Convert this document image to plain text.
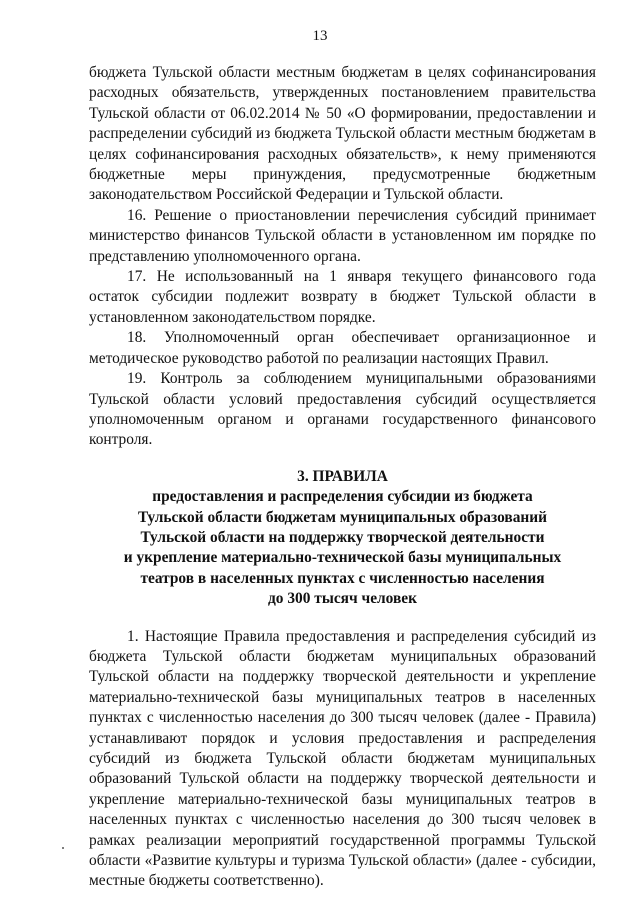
13

бюджета Тульской области местным бюджетам в целях софинансирования расходных обязательств, утвержденных постановлением правительства Тульской области от 06.02.2014 № 50 «О формировании, предоставлении и распределении субсидий из бюджета Тульской области местным бюджетам в целях софинансирования расходных обязательств», к нему применяются бюджетные меры принуждения, предусмотренные бюджетным законодательством Российской Федерации и Тульской области.

16. Решение о приостановлении перечисления субсидий принимает министерство финансов Тульской области в установленном им порядке по представлению уполномоченного органа.

17. Не использованный на 1 января текущего финансового года остаток субсидии подлежит возврату в бюджет Тульской области в установленном законодательством порядке.

18. Уполномоченный орган обеспечивает организационное и методическое руководство работой по реализации настоящих Правил.

19. Контроль за соблюдением муниципальными образованиями Тульской области условий предоставления субсидий осуществляется уполномоченным органом и органами государственного финансового контроля.

3. ПРАВИЛА

предоставления и распределения субсидии из бюджета

Тульской области бюджетам муниципальных образований

Тульской области на поддержку творческой деятельности

и укрепление материально-технической базы муниципальных

театров в населенных пунктах с численностью населения

до 300 тысяч человек

1. Настоящие Правила предоставления и распределения субсидий из бюджета Тульской области бюджетам муниципальных образований Тульской области на поддержку творческой деятельности и укрепление материально-технической базы муниципальных театров в населенных пунктах с численностью населения до 300 тысяч человек (далее - Правила) устанавливают порядок и условия предоставления и распределения субсидий из бюджета Тульской области бюджетам муниципальных образований Тульской области на поддержку творческой деятельности и укрепление материально-технической базы муниципальных театров в населенных пунктах с численностью населения до 300 тысяч человек в рамках реализации мероприятий государственной программы Тульской области «Развитие культуры и туризма Тульской области» (далее - субсидии, местные бюджеты соответственно).
